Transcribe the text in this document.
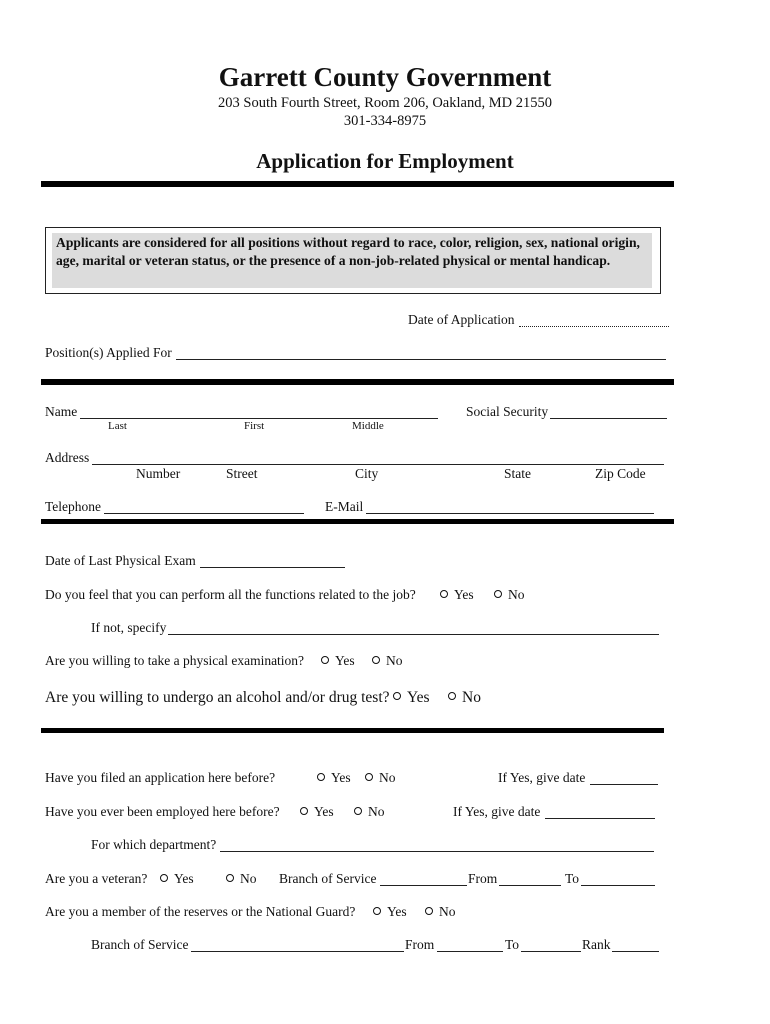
Garrett County Government
203 South Fourth Street, Room 206, Oakland, MD 21550
301-334-8975
Application for Employment
Applicants are considered for all positions without regard to race, color, religion, sex, national origin, age, marital or veteran status, or the presence of a non-job-related physical or mental handicap.
Date of Application
Position(s) Applied For
Name
Last	First	Middle
Social Security
Address
Number	Street	City	State	Zip Code
Telephone	E-Mail
Date of Last Physical Exam
Do you feel that you can perform all the functions related to the job?	Yes	No
If not, specify
Are you willing to take a physical examination?	Yes	No
Are you willing to undergo an alcohol and/or drug test?	Yes	No
Have you filed an application here before?	Yes	No	If Yes, give date
Have you ever been employed here before?	Yes	No	If Yes, give date
For which department?
Are you a veteran?	Yes	No Branch of Service	From	To
Are you a member of the reserves or the National Guard?	Yes	No
Branch of Service	From	To	Rank
